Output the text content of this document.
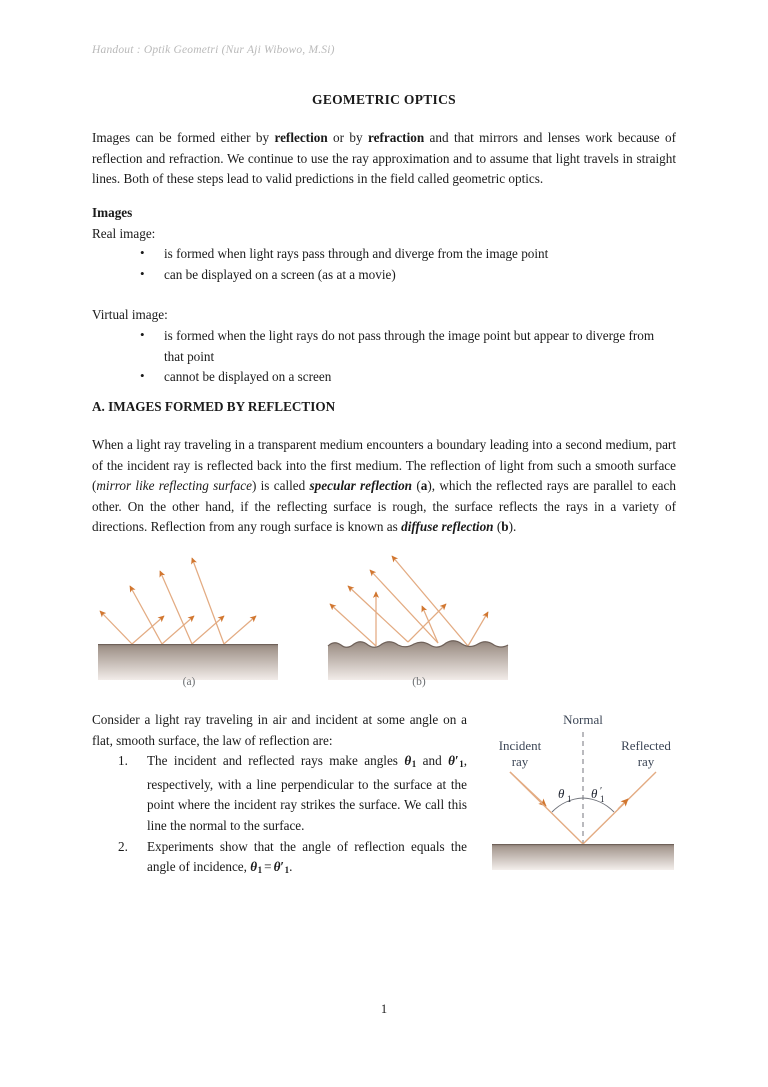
Handout : Optik Geometri (Nur Aji Wibowo, M.Si)
GEOMETRIC OPTICS

Images can be formed either by reflection or by refraction and that mirrors and lenses work because of reflection and refraction. We continue to use the ray approximation and to assume that light travels in straight lines. Both of these steps lead to valid predictions in the field called geometric optics.

Images

Real image:

• is formed when light rays pass through and diverge from the image point
• can be displayed on a screen (as at a movie)

Virtual image:

• is formed when the light rays do not pass through the image point but appear to diverge from that point
• cannot be displayed on a screen

A. IMAGES FORMED BY REFLECTION

When a light ray traveling in a transparent medium encounters a boundary leading into a second medium, part of the incident ray is reflected back into the first medium. The reflection of light from such a smooth surface (mirror like reflecting surface) is called specular reflection (a), which the reflected rays are parallel to each other. On the other hand, if the reflecting surface is rough, the surface reflects the rays in a variety of directions. Reflection from any rough surface is known as diffuse reflection (b).

(a)	(b)

Consider a light ray traveling in air and incident at some angle on a flat, smooth surface, the law of reflection are:

The incident and reflected rays make angles $\theta_1$ and $\theta'_1$, respectively, with a line perpendicular to the surface at the point where the incident ray strikes the surface. We call this line the normal to the surface.
Experiments show that the angle of reflection equals the angle of incidence, $\theta_1 = \theta'_1$.
Normal
Incident
ray
Reflected
ray
θ 1 θ ′
1
1
